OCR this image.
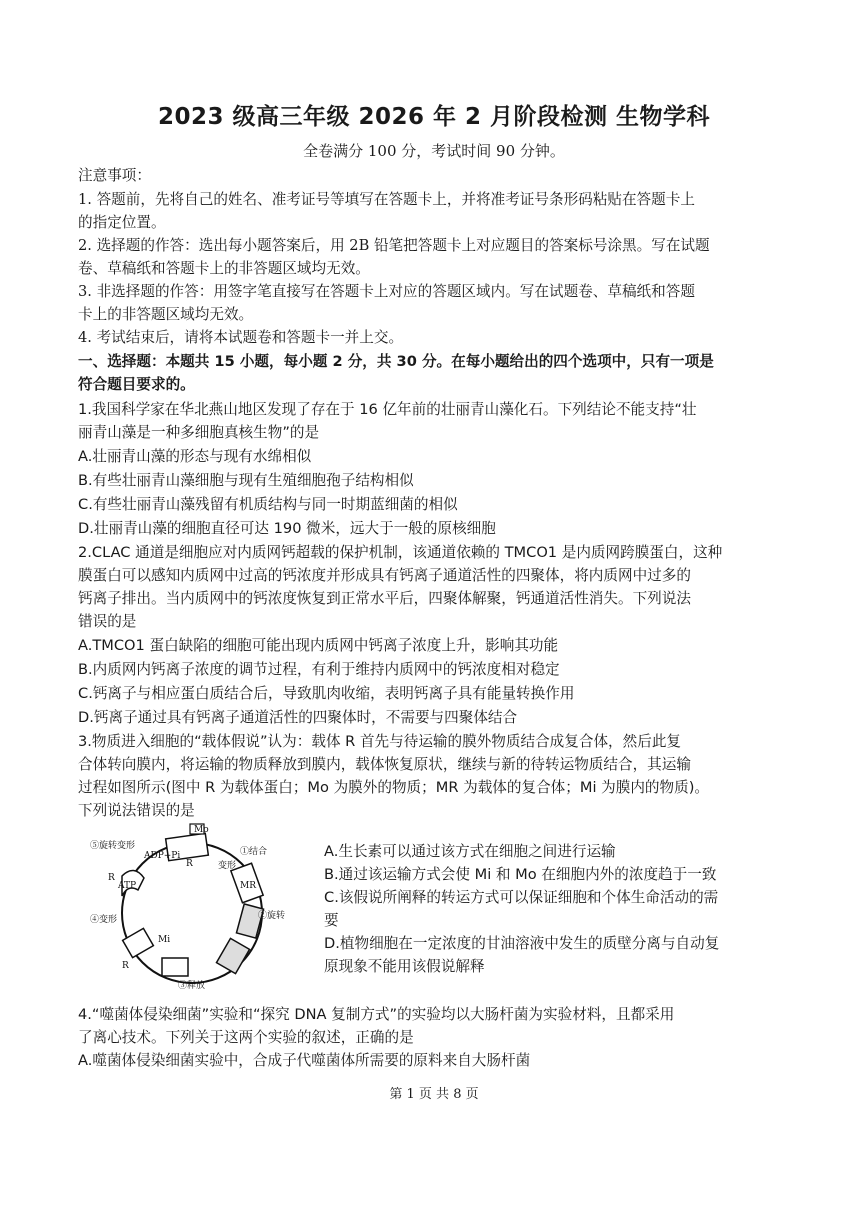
2023 级高三年级 2026 年 2 月阶段检测 生物学科
全卷满分 100 分，考试时间 90 分钟。
注意事项：
1. 答题前，先将自己的姓名、准考证号等填写在答题卡上，并将准考证号条形码粘贴在答题卡上
的指定位置。
2. 选择题的作答：选出每小题答案后，用 2B 铅笔把答题卡上对应题目的答案标号涂黑。写在试题
卷、草稿纸和答题卡上的非答题区域均无效。
3. 非选择题的作答：用签字笔直接写在答题卡上对应的答题区域内。写在试题卷、草稿纸和答题
卡上的非答题区域均无效。
4. 考试结束后，请将本试题卷和答题卡一并上交。
一、选择题：本题共 15 小题，每小题 2 分，共 30 分。在每小题给出的四个选项中，只有一项是
符合题目要求的。
1.我国科学家在华北燕山地区发现了存在于 16 亿年前的壮丽青山藻化石。下列结论不能支持“壮
丽青山藻是一种多细胞真核生物”的是
A.壮丽青山藻的形态与现有水绵相似
B.有些壮丽青山藻细胞与现有生殖细胞孢子结构相似
C.有些壮丽青山藻残留有机质结构与同一时期蓝细菌的相似
D.壮丽青山藻的细胞直径可达 190 微米，远大于一般的原核细胞
2.CLAC 通道是细胞应对内质网钙超载的保护机制，该通道依赖的 TMCO1 是内质网跨膜蛋白，这种
膜蛋白可以感知内质网中过高的钙浓度并形成具有钙离子通道活性的四聚体，将内质网中过多的
钙离子排出。当内质网中的钙浓度恢复到正常水平后，四聚体解聚，钙通道活性消失。下列说法
错误的是
A.TMCO1 蛋白缺陷的细胞可能出现内质网中钙离子浓度上升，影响其功能
B.内质网内钙离子浓度的调节过程，有利于维持内质网中的钙浓度相对稳定
C.钙离子与相应蛋白质结合后，导致肌肉收缩，表明钙离子具有能量转换作用
D.钙离子通过具有钙离子通道活性的四聚体时，不需要与四聚体结合
3.物质进入细胞的“载体假说”认为：载体 R 首先与待运输的膜外物质结合成复合体，然后此复
合体转向膜内，将运输的物质释放到膜内，载体恢复原状，继续与新的待转运物质结合，其运输
过程如图所示(图中 R 为载体蛋白；Mo 为膜外的物质；MR 为载体的复合体；Mi 为膜内的物质)。
下列说法错误的是
Mo
①结合
⑤旋转变形
ADP+Pi
变形
R
ATP	MR
R
②旋转
④变形
Mi
R
③释放
A.生长素可以通过该方式在细胞之间进行运输
B.通过该运输方式会使 Mi 和 Mo 在细胞内外的浓度趋于一致
C.该假说所阐释的转运方式可以保证细胞和个体生命活动的需
要
D.植物细胞在一定浓度的甘油溶液中发生的质壁分离与自动复
原现象不能用该假说解释
4.“噬菌体侵染细菌”实验和“探究 DNA 复制方式”的实验均以大肠杆菌为实验材料，且都采用
了离心技术。下列关于这两个实验的叙述，正确的是
A.噬菌体侵染细菌实验中，合成子代噬菌体所需要的原料来自大肠杆菌
第 1 页 共 8 页
